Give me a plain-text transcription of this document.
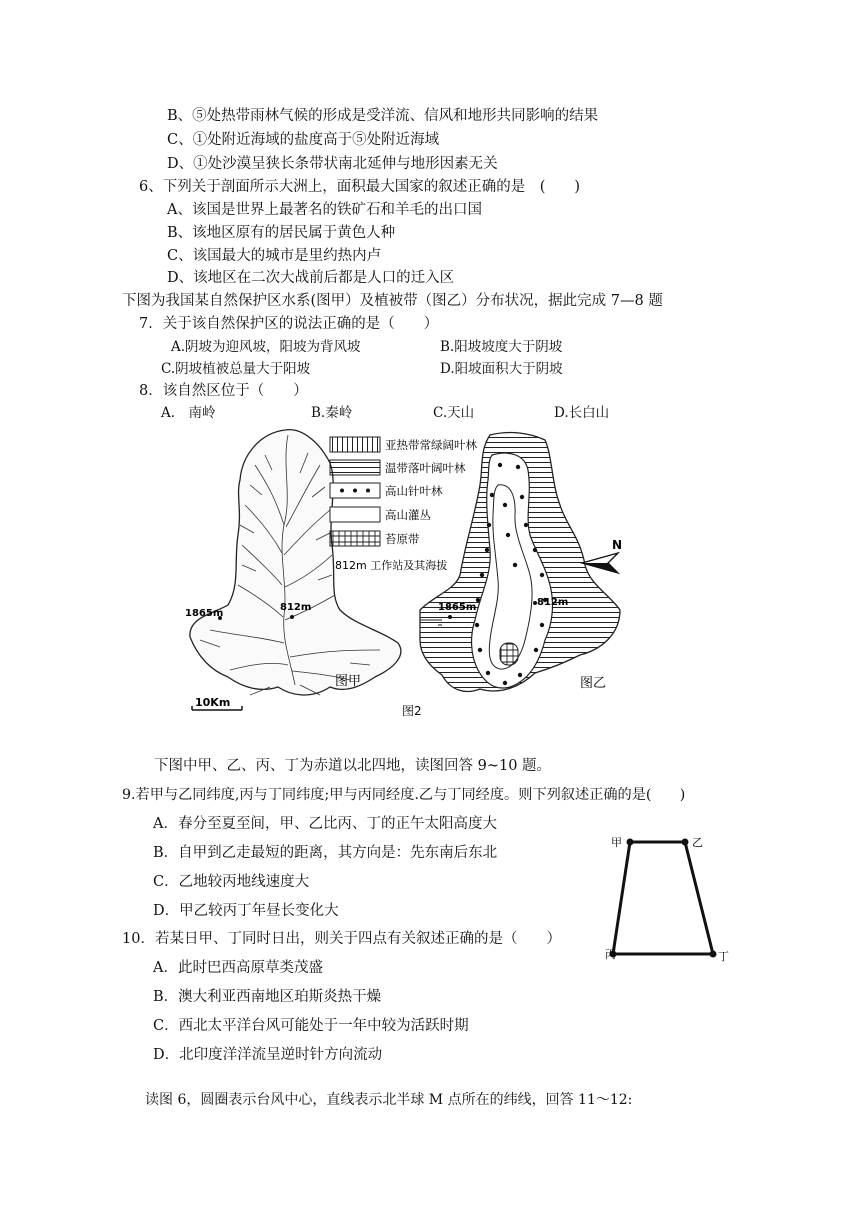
B、⑤处热带雨林气候的形成是受洋流、信风和地形共同影响的结果
C、①处附近海域的盐度高于⑤处附近海域
D、①处沙漠呈狭长条带状南北延伸与地形因素无关
6、下列关于剖面所示大洲上，面积最大国家的叙述正确的是　(　　)
A、该国是世界上最著名的铁矿石和羊毛的出口国
B、该地区原有的居民属于黄色人种
C、该国最大的城市是里约热内卢
D、该地区在二次大战前后都是人口的迁入区
下图为我国某自然保护区水系(图甲）及植被带（图乙）分布状况，据此完成 7—8 题
7．关于该自然保护区的说法正确的是（　　）
A.阴坡为迎风坡，阳坡为背风坡	B.阳坡坡度大于阴坡
C.阴坡植被总量大于阳坡	D.阳坡面积大于阴坡
8．该自然区位于（　　）
A.　南岭	B.秦岭	C.天山	D.长白山
1865m
812m
图甲
10Km
图2
亚热带常绿阔叶林
温带落叶阔叶林
高山针叶林
高山灌丛
苔原带
812m 工作站及其海拔
1865m	812m
图乙
N
下图中甲、乙、丙、丁为赤道以北四地，读图回答 9~10 题。
9.若甲与乙同纬度,丙与丁同纬度;甲与丙同经度.乙与丁同经度。则下列叙述正确的是(　　)
A．春分至夏至间，甲、乙比丙、丁的正午太阳高度大
B．自甲到乙走最短的距离，其方向是：先东南后东北
C．乙地较丙地线速度大
D．甲乙较丙丁年昼长变化大
10．若某日甲、丁同时日出，则关于四点有关叙述正确的是（　　）
A．此时巴西高原草类茂盛
B．澳大利亚西南地区珀斯炎热干燥
C．西北太平洋台风可能处于一年中较为活跃时期
D．北印度洋洋流呈逆时针方向流动
读图 6，圆圈表示台风中心，直线表示北半球 M 点所在的纬线，回答 11～12:
甲	乙
丙	丁
